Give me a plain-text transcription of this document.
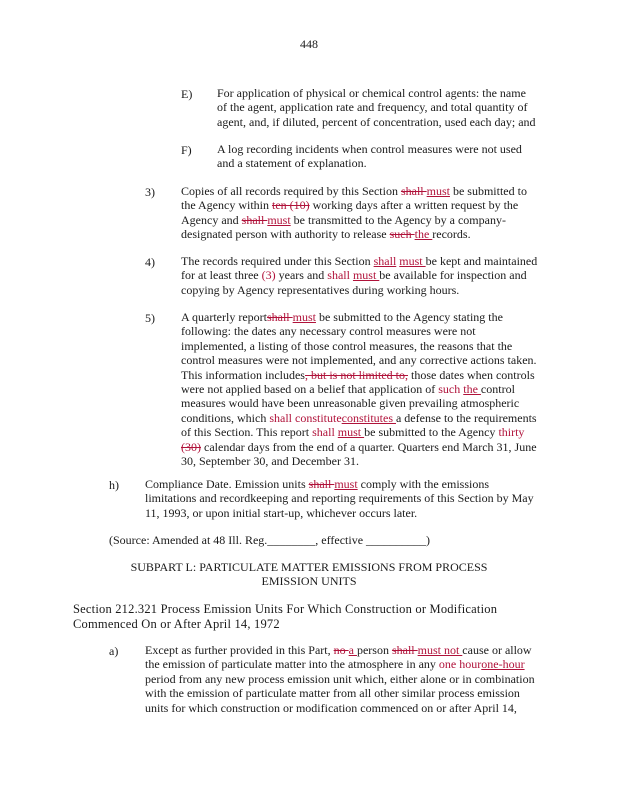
448
E) For application of physical or chemical control agents: the name
of the agent, application rate and frequency, and total quantity of
agent, and, if diluted, percent of concentration, used each day; and
F) A log recording incidents when control measures were not used
and a statement of explanation.
3) Copies of all records required by this Section shall must be submitted to
the Agency within ten (10) working days after a written request by the
Agency and shall must be transmitted to the Agency by a company-
designated person with authority to release such the records.
4) The records required under this Section shall must be kept and maintained
for at least three (3) years and shall must be available for inspection and
copying by Agency representatives during working hours.
5) A quarterly reportshall must be submitted to the Agency stating the
following: the dates any necessary control measures were not
implemented, a listing of those control measures, the reasons that the
control measures were not implemented, and any corrective actions taken.
This information includes, but is not limited to, those dates when controls
were not applied based on a belief that application of such the control
measures would have been unreasonable given prevailing atmospheric
conditions, which shall constituteconstitutes a defense to the requirements
of this Section. This report shall must be submitted to the Agency thirty
(30) calendar days from the end of a quarter. Quarters end March 31, June
30, September 30, and December 31.
h) Compliance Date. Emission units shall must comply with the emissions
limitations and recordkeeping and reporting requirements of this Section by May
11, 1993, or upon initial start-up, whichever occurs later.
(Source: Amended at 48 Ill. Reg.________, effective __________)
SUBPART L: PARTICULATE MATTER EMISSIONS FROM PROCESS
EMISSION UNITS
Section 212.321 Process Emission Units For Which Construction or Modification
Commenced On or After April 14, 1972
a) Except as further provided in this Part, no a person shall must not cause or allow
the emission of particulate matter into the atmosphere in any one hourone-hour
period from any new process emission unit which, either alone or in combination
with the emission of particulate matter from all other similar process emission
units for which construction or modification commenced on or after April 14,
